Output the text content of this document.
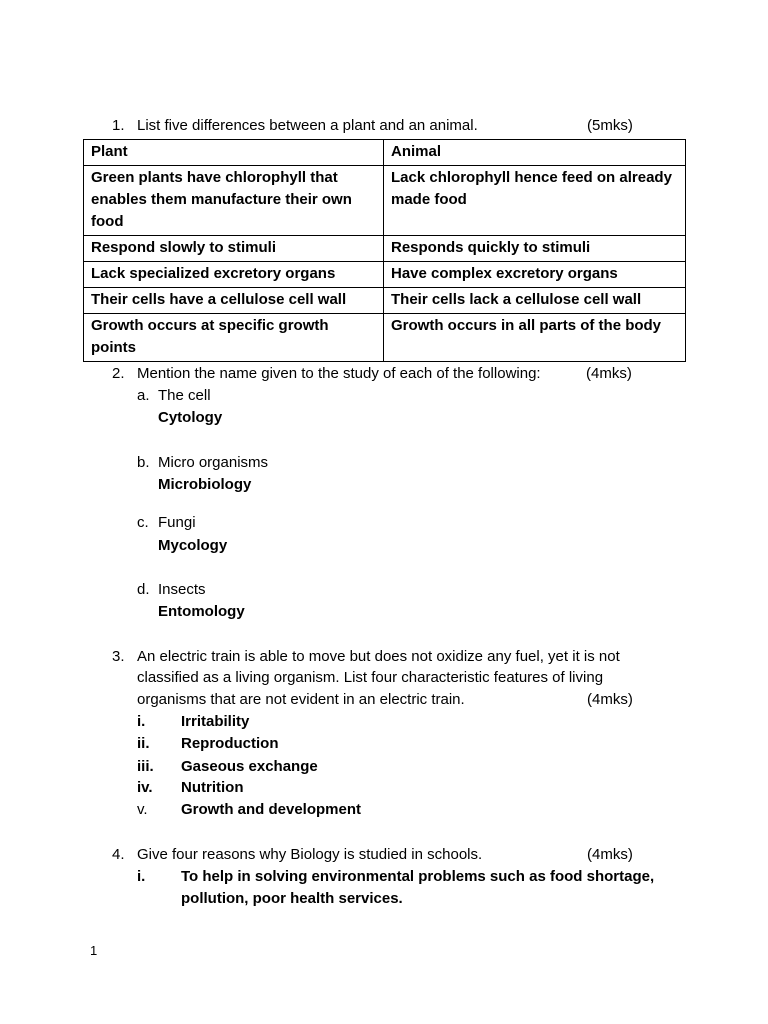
1. List five differences between a plant and an animal.	(5mks)
Plant	Animal
Green plants have chlorophyll that enables them manufacture their own food	Lack chlorophyll hence feed on already made food
Respond slowly to stimuli	Responds quickly to stimuli
Lack specialized excretory organs	Have complex excretory organs
Their cells have a cellulose cell wall	Their cells lack a cellulose cell wall
Growth occurs at specific growth points	Growth occurs in all parts of the body
2. Mention the name given to the study of each of the following:	(4mks)
a. The cell
Cytology
b. Micro organisms
Microbiology
c. Fungi
Mycology
d. Insects
Entomology
3. An electric train is able to move but does not oxidize any fuel, yet it is not
classified as a living organism. List four characteristic features of living
organisms that are not evident in an electric train.	(4mks)
i. Irritability
ii. Reproduction
iii. Gaseous exchange
iv. Nutrition
v. Growth and development
4. Give four reasons why Biology is studied in schools.	(4mks)
i. To help in solving environmental problems such as food shortage,
pollution, poor health services.
1
